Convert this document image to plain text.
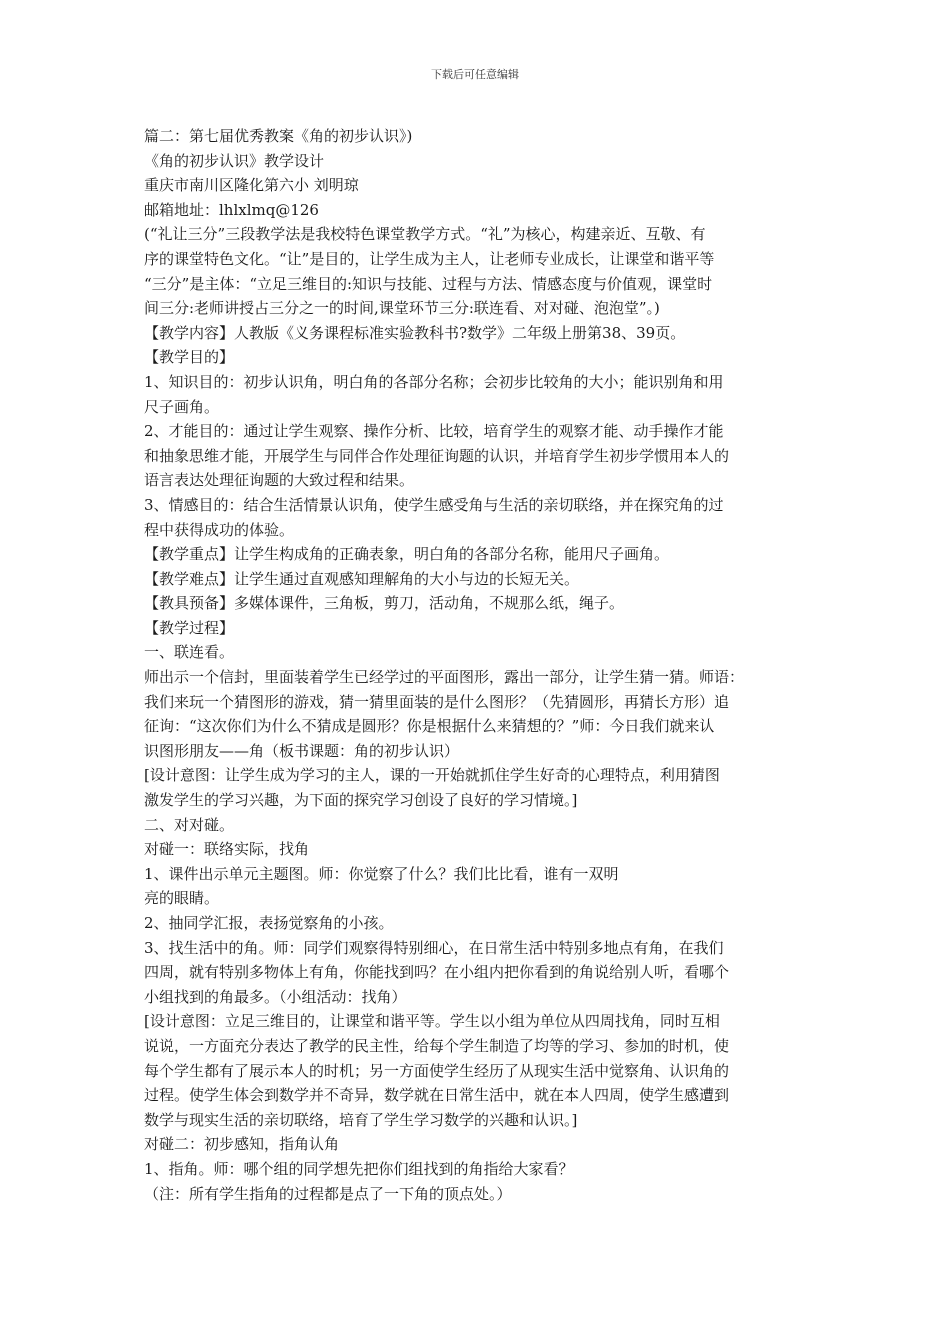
下载后可任意编辑
篇二：第七届优秀教案《角的初步认识》)
《角的初步认识》教学设计
重庆市南川区隆化第六小 刘明琼
邮箱地址：lhlxlmq@126
(“礼让三分”三段教学法是我校特色课堂教学方式。“礼”为核心，构建亲近、互敬、有
序的课堂特色文化。“让”是目的，让学生成为主人，让老师专业成长，让课堂和谐平等
“三分”是主体：“立足三维目的:知识与技能、过程与方法、情感态度与价值观，课堂时
间三分:老师讲授占三分之一的时间,课堂环节三分:联连看、对对碰、泡泡堂”。)
【教学内容】人教版《义务课程标准实验教科书?数学》二年级上册第38、39页。
【教学目的】
1、知识目的：初步认识角，明白角的各部分名称；会初步比较角的大小；能识别角和用
尺子画角。
2、才能目的：通过让学生观察、操作分析、比较，培育学生的观察才能、动手操作才能
和抽象思维才能，开展学生与同伴合作处理征询题的认识，并培育学生初步学惯用本人的
语言表达处理征询题的大致过程和结果。
3、情感目的：结合生活情景认识角，使学生感受角与生活的亲切联络，并在探究角的过
程中获得成功的体验。
【教学重点】让学生构成角的正确表象，明白角的各部分名称，能用尺子画角。
【教学难点】让学生通过直观感知理解角的大小与边的长短无关。
【教具预备】多媒体课件，三角板，剪刀，活动角，不规那么纸，绳子。
【教学过程】
一、联连看。
师出示一个信封，里面装着学生已经学过的平面图形，露出一部分，让学生猜一猜。师语：
我们来玩一个猜图形的游戏，猜一猜里面装的是什么图形？（先猜圆形，再猜长方形）追
征询：“这次你们为什么不猜成是圆形？你是根据什么来猜想的？”师：今日我们就来认
识图形朋友——角（板书课题：角的初步认识）
[设计意图：让学生成为学习的主人，课的一开始就抓住学生好奇的心理特点，利用猜图
激发学生的学习兴趣，为下面的探究学习创设了良好的学习情境。]
二、对对碰。
对碰一：联络实际，找角
1、课件出示单元主题图。师：你觉察了什么？我们比比看，谁有一双明
亮的眼睛。
2、抽同学汇报，表扬觉察角的小孩。
3、找生活中的角。师：同学们观察得特别细心，在日常生活中特别多地点有角，在我们
四周，就有特别多物体上有角，你能找到吗？在小组内把你看到的角说给别人听，看哪个
小组找到的角最多。（小组活动：找角）
[设计意图：立足三维目的，让课堂和谐平等。学生以小组为单位从四周找角，同时互相
说说，一方面充分表达了教学的民主性，给每个学生制造了均等的学习、参加的时机，使
每个学生都有了展示本人的时机；另一方面使学生经历了从现实生活中觉察角、认识角的
过程。使学生体会到数学并不奇异，数学就在日常生活中，就在本人四周，使学生感遭到
数学与现实生活的亲切联络，培育了学生学习数学的兴趣和认识。]
对碰二：初步感知，指角认角
1、指角。师：哪个组的同学想先把你们组找到的角指给大家看？
（注：所有学生指角的过程都是点了一下角的顶点处。）
